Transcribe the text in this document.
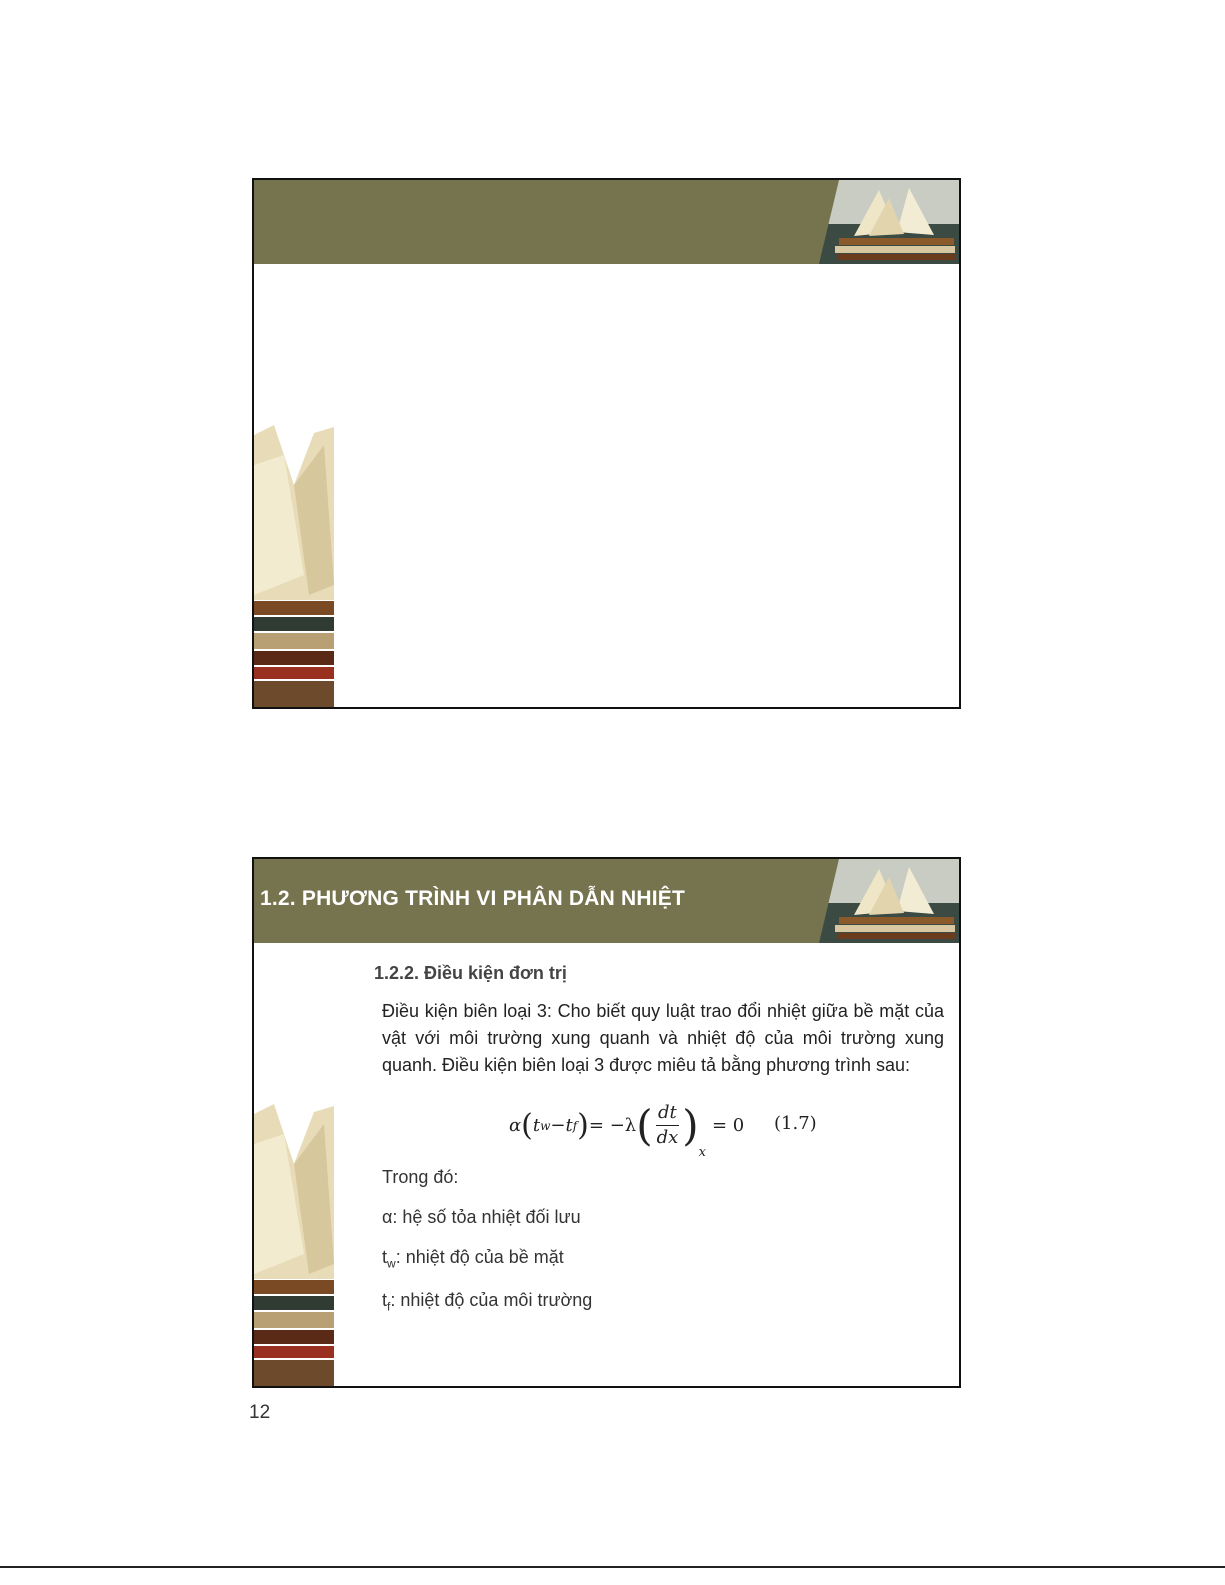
1.2. PHƯƠNG TRÌNH VI PHÂN DẪN NHIỆT
1.2.2. Điều kiện đơn trị
Điều kiện biên loại 3: Cho biết quy luật trao đổi nhiệt giữa bề mặt của vật với môi trường xung quanh và nhiệt độ của môi trường xung quanh. Điều kiện biên loại 3 được miêu tả bằng phương trình sau:
α ( t w − t f ) = −λ ( $\frac{dt}{dx}$ )
x
= 0 (1.7)
Trong đó:
α: hệ số tỏa nhiệt đối lưu
$t_w$: nhiệt độ của bề mặt
$t_f$: nhiệt độ của môi trường
12
